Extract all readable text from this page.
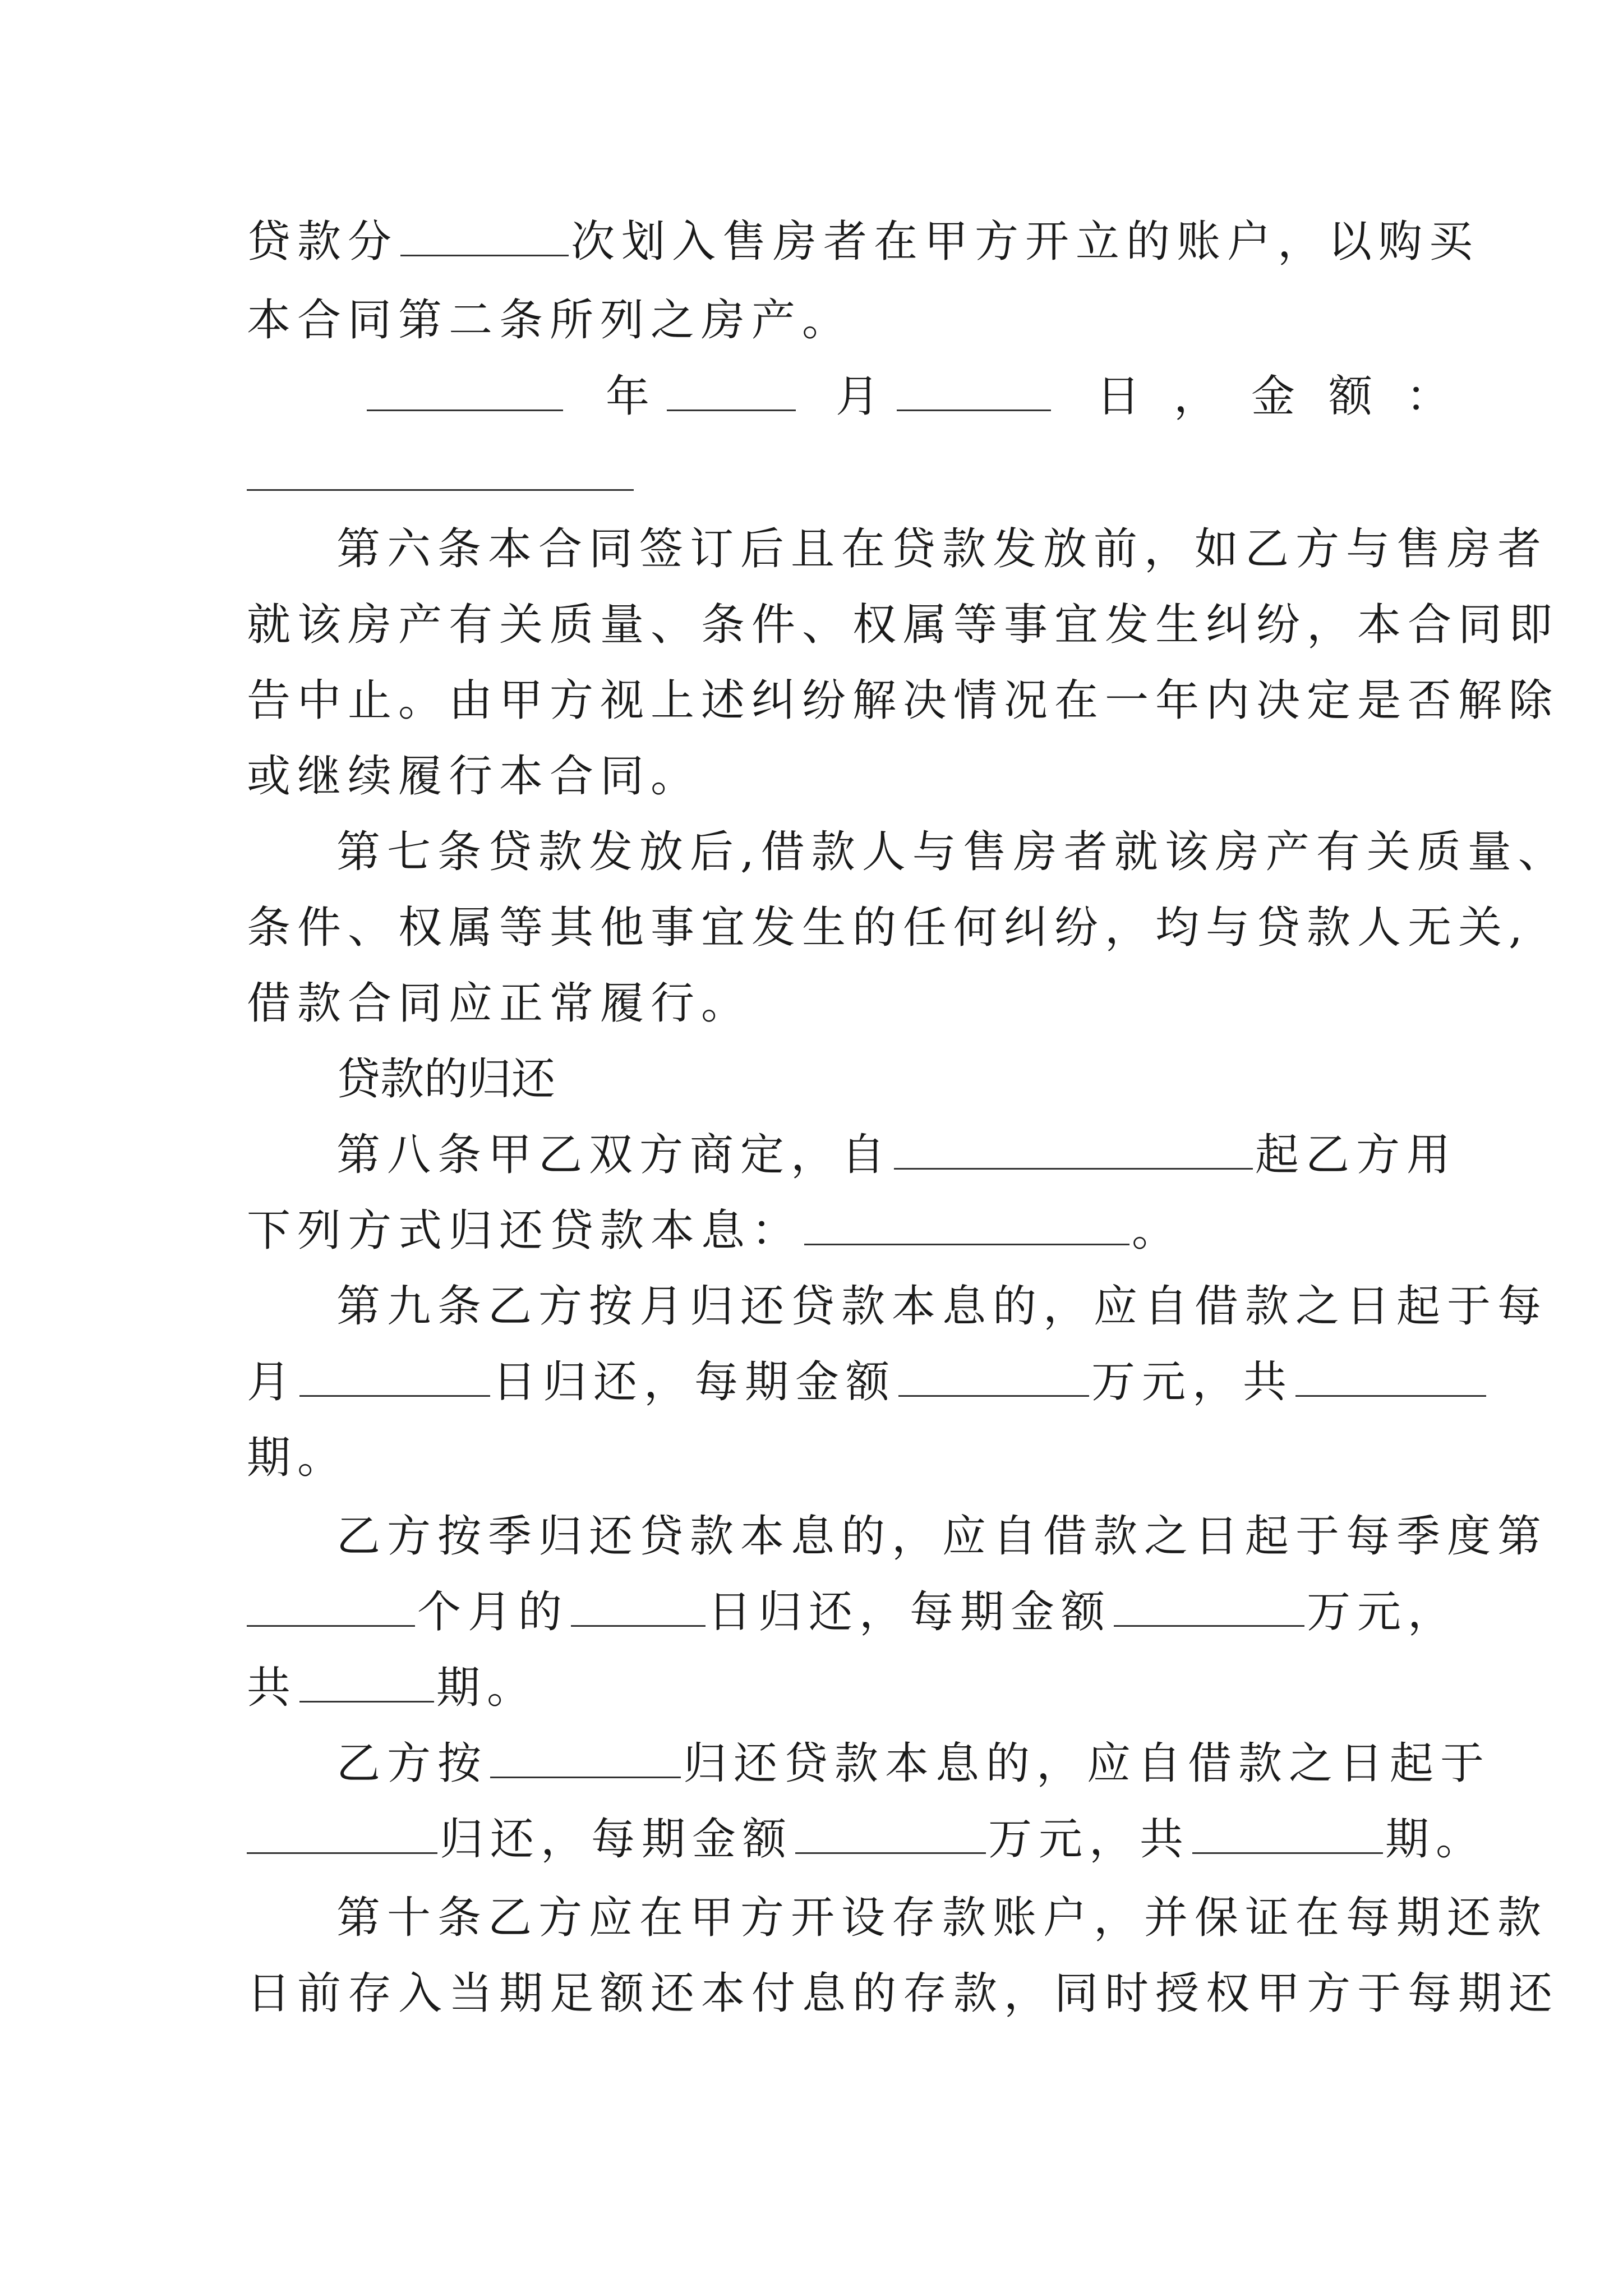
贷款分	次划入售房者在甲方开立的账户，以购买
本合同第二条所列之房产。
年	月	日，金额：
第六条本合同签订后且在贷款发放前，如乙方与售房者
就该房产有关质量、条件、权属等事宜发生纠纷，本合同即
告中止。由甲方视上述纠纷解决情况在一年内决定是否解除
或继续履行本合同。
第七条贷款发放后,借款人与售房者就该房产有关质量、
条件、权属等其他事宜发生的任何纠纷，均与贷款人无关,
借款合同应正常履行。
贷款的归还
第八条甲乙双方商定，自	起乙方用
下列方式归还贷款本息：	。
第九条乙方按月归还贷款本息的，应自借款之日起于每
月	日归还，每期金额	万元，共
期。
乙方按季归还贷款本息的，应自借款之日起于每季度第
个月的	日归还，每期金额	万元，
共	期。
乙方按	归还贷款本息的，应自借款之日起于
归还，每期金额	万元，共	期。
第十条乙方应在甲方开设存款账户，并保证在每期还款
日前存入当期足额还本付息的存款，同时授权甲方于每期还
